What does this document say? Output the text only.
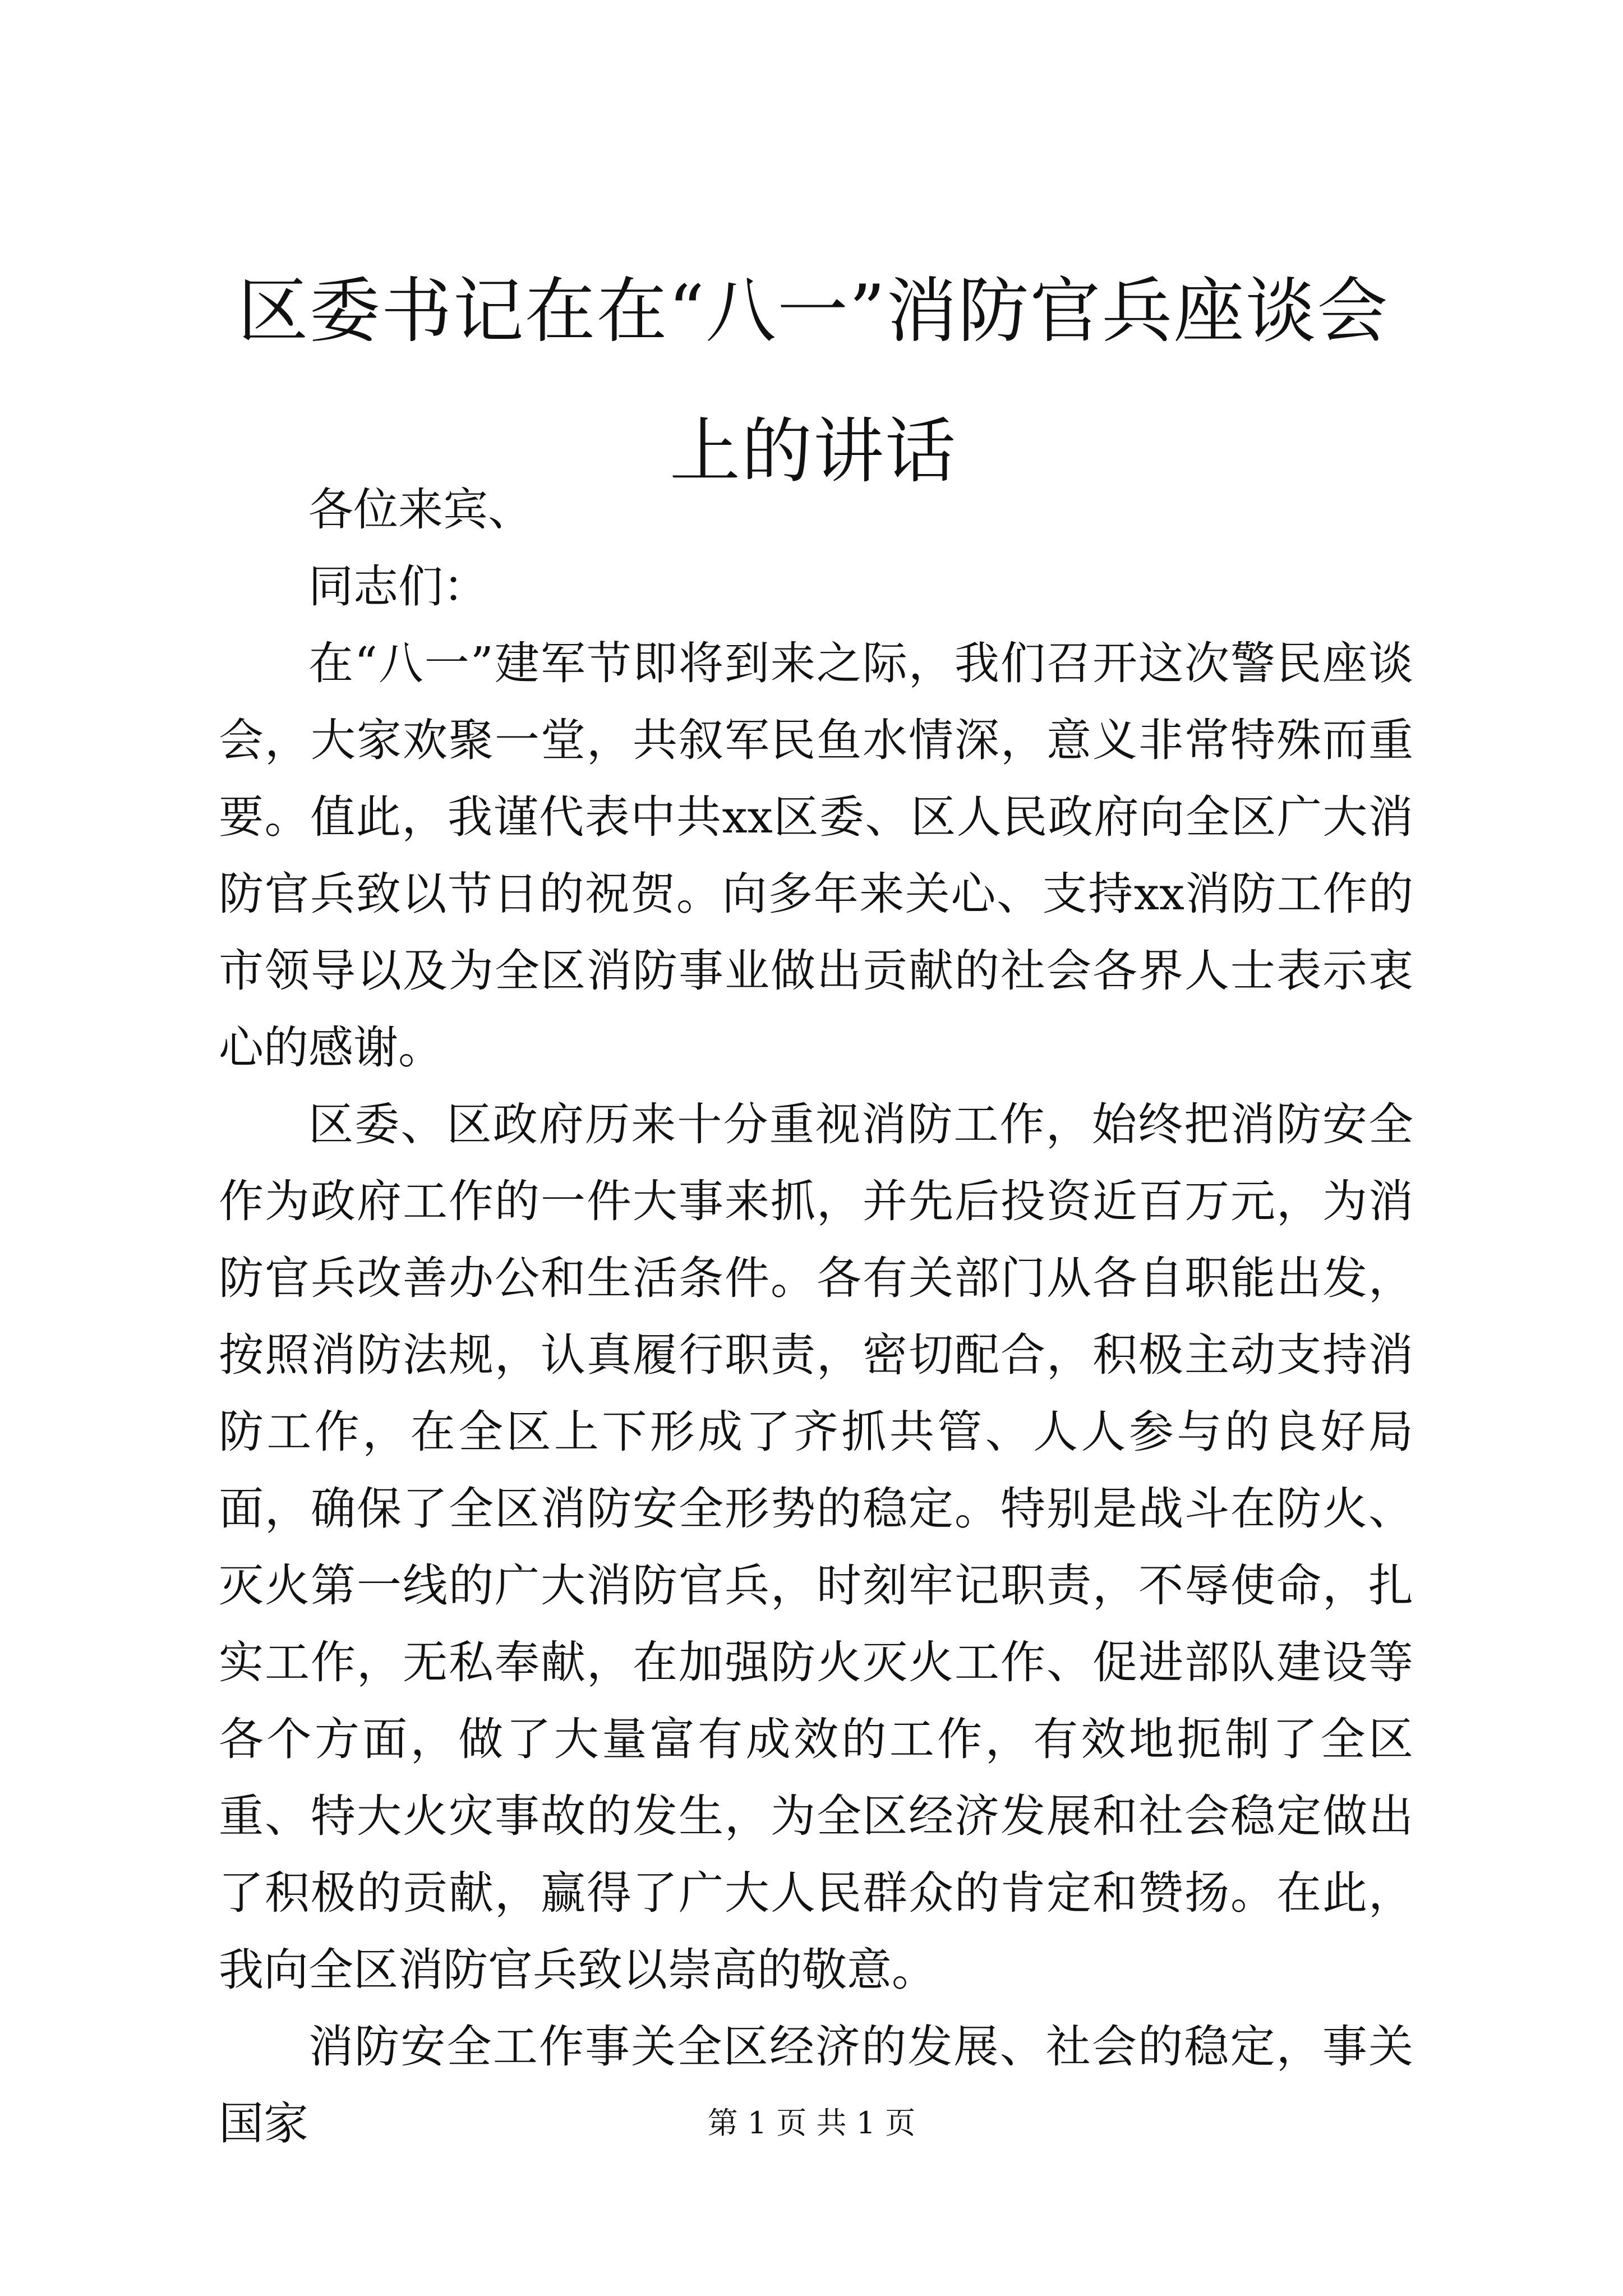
区委书记在在“八一”消防官兵座谈会上的讲话

各位来宾、

同志们：

在“八一”建军节即将到来之际，我们召开这次警民座谈会，大家欢聚一堂，共叙军民鱼水情深，意义非常特殊而重要。值此，我谨代表中共xx区委、区人民政府向全区广大消防官兵致以节日的祝贺。向多年来关心、支持xx消防工作的市领导以及为全区消防事业做出贡献的社会各界人士表示衷心的感谢。

区委、区政府历来十分重视消防工作，始终把消防安全作为政府工作的一件大事来抓，并先后投资近百万元，为消防官兵改善办公和生活条件。各有关部门从各自职能出发，按照消防法规，认真履行职责，密切配合，积极主动支持消防工作，在全区上下形成了齐抓共管、人人参与的良好局面，确保了全区消防安全形势的稳定。特别是战斗在防火、灭火第一线的广大消防官兵，时刻牢记职责，不辱使命，扎实工作，无私奉献，在加强防火灭火工作、促进部队建设等各个方面，做了大量富有成效的工作，有效地扼制了全区重、特大火灾事故的发生，为全区经济发展和社会稳定做出了积极的贡献，赢得了广大人民群众的肯定和赞扬。在此，我向全区消防官兵致以崇高的敬意。

消防安全工作事关全区经济的发展、社会的稳定，事关国家	第 1 页 共 1 页
